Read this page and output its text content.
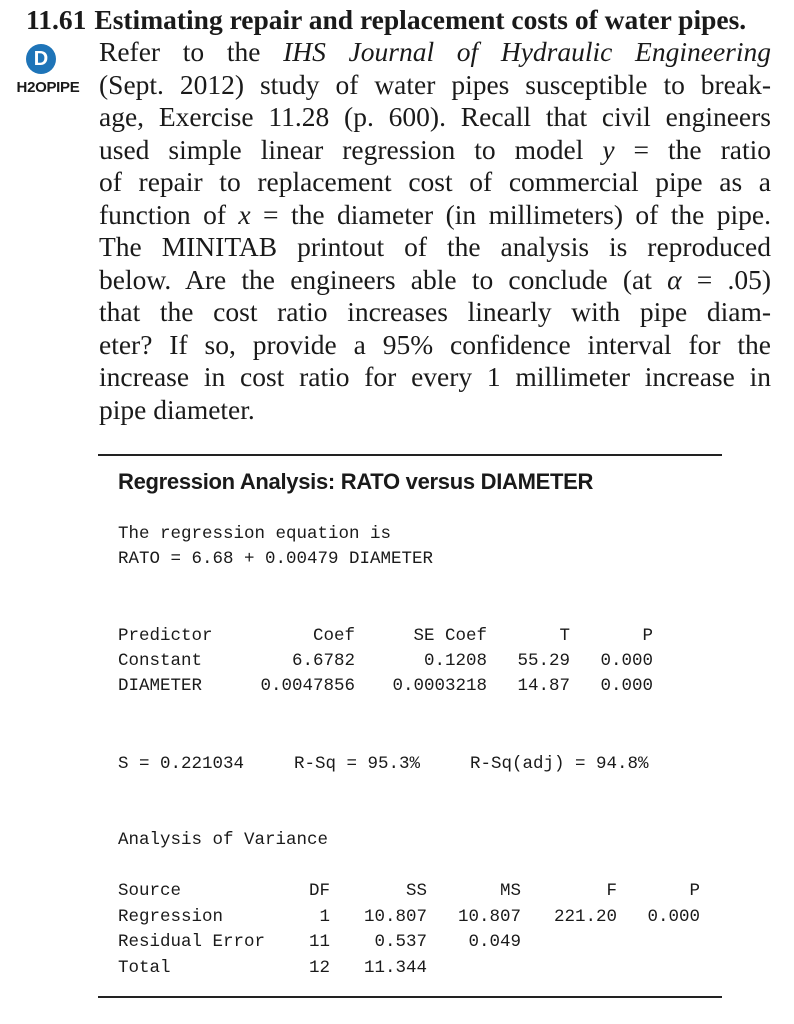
11.61 Estimating repair and replacement costs of water pipes.
D
H2OPIPE
Refer to the IHS Journal of Hydraulic Engineering
(Sept. 2012) study of water pipes susceptible to break-
age, Exercise 11.28 (p. 600). Recall that civil engineers
used simple linear regression to model y = the ratio
of repair to replacement cost of commercial pipe as a
function of x = the diameter (in millimeters) of the pipe.
The MINITAB printout of the analysis is reproduced
below. Are the engineers able to conclude (at α = .05)
that the cost ratio increases linearly with pipe diam-
eter? If so, provide a 95% confidence interval for the
increase in cost ratio for every 1 millimeter increase in
pipe diameter.
Regression Analysis: RATO versus DIAMETER
The regression equation is
RATO = 6.68 + 0.00479 DIAMETER
Predictor	Coef	SE Coef	T	P
Constant	6.6782	0.1208 55.29 0.000
DIAMETER	0.0047856 0.0003218 14.87 0.000
S = 0.221034	R-Sq = 95.3%	R-Sq(adj) = 94.8%
Analysis of Variance
Source	DF	SS	MS	F	P
Regression	1 10.807 10.807 221.20 0.000
Residual Error	11	0.537 0.049
Total	12 11.344
